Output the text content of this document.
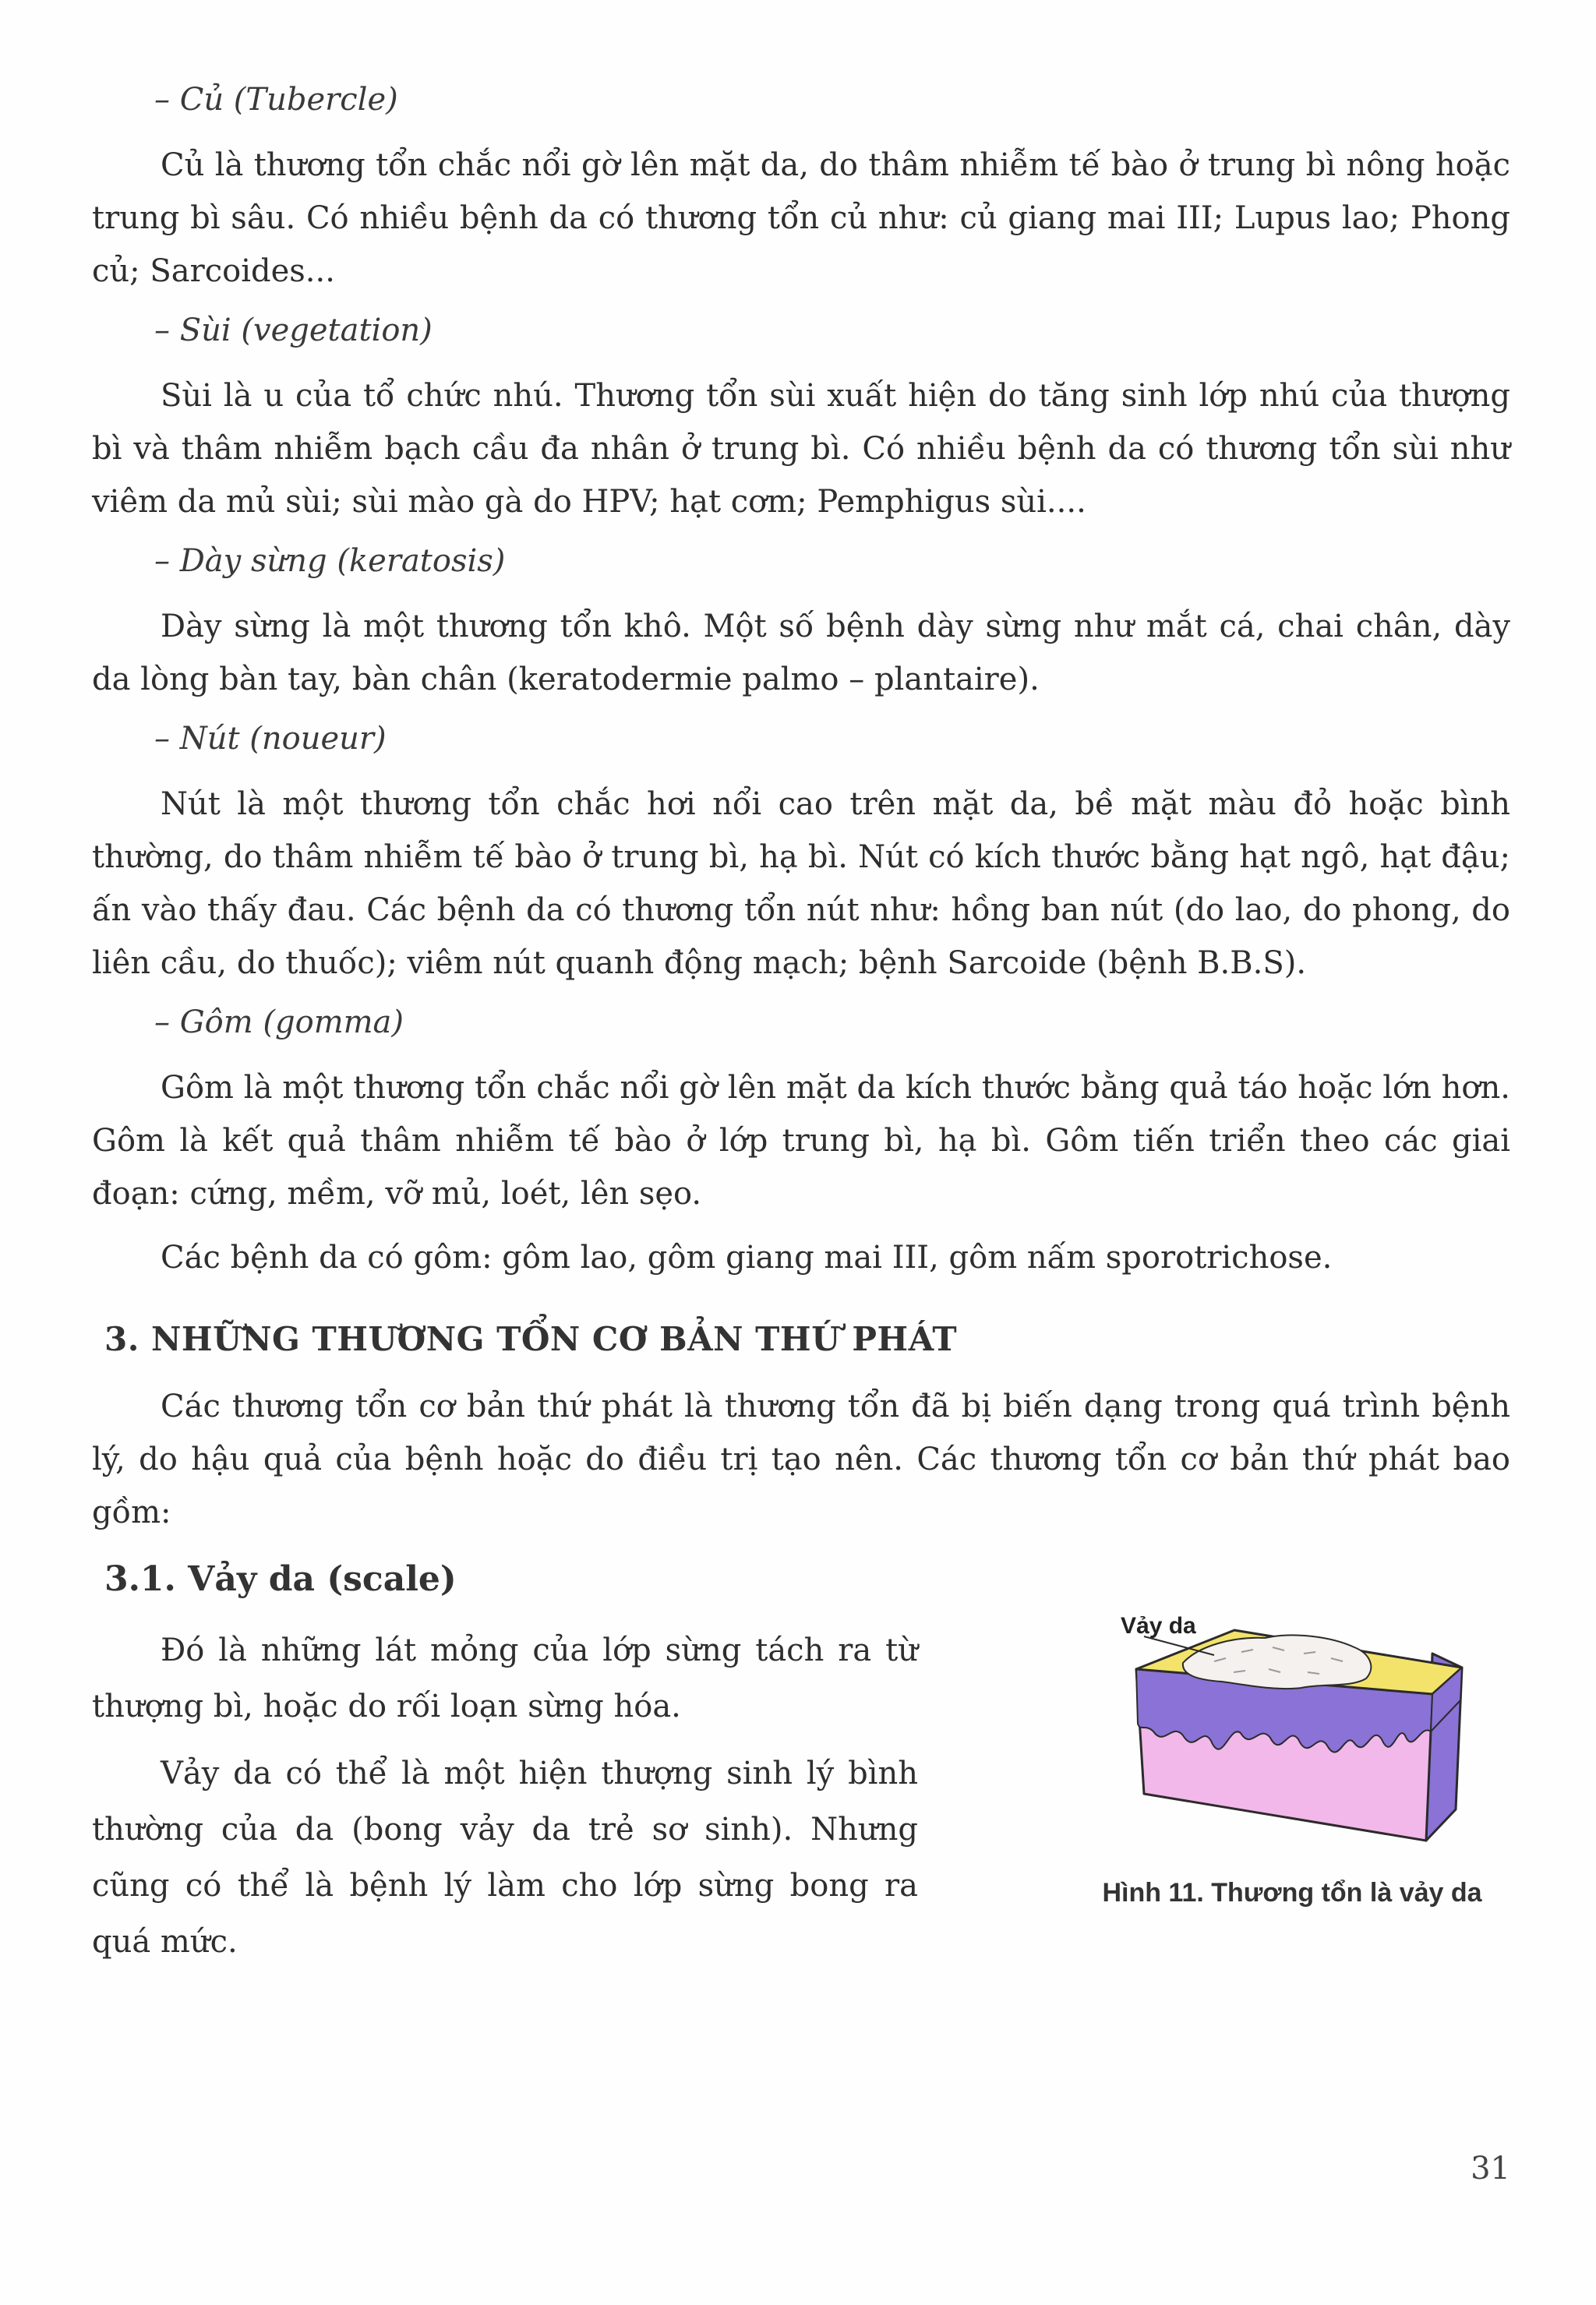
– Củ (Tubercle)

Củ là thương tổn chắc nổi gờ lên mặt da, do thâm nhiễm tế bào ở trung bì nông hoặc trung bì sâu. Có nhiều bệnh da có thương tổn củ như: củ giang mai III; Lupus lao; Phong củ; Sarcoides...

– Sùi (vegetation)

Sùi là u của tổ chức nhú. Thương tổn sùi xuất hiện do tăng sinh lớp nhú của thượng bì và thâm nhiễm bạch cầu đa nhân ở trung bì. Có nhiều bệnh da có thương tổn sùi như viêm da mủ sùi; sùi mào gà do HPV; hạt cơm; Pemphigus sùi....

– Dày sừng (keratosis)

Dày sừng là một thương tổn khô. Một số bệnh dày sừng như mắt cá, chai chân, dày da lòng bàn tay, bàn chân (keratodermie palmo – plantaire).

– Nút (noueur)

Nút là một thương tổn chắc hơi nổi cao trên mặt da, bề mặt màu đỏ hoặc bình thường, do thâm nhiễm tế bào ở trung bì, hạ bì. Nút có kích thước bằng hạt ngô, hạt đậu; ấn vào thấy đau. Các bệnh da có thương tổn nút như: hồng ban nút (do lao, do phong, do liên cầu, do thuốc); viêm nút quanh động mạch; bệnh Sarcoide (bệnh B.B.S).

– Gôm (gomma)

Gôm là một thương tổn chắc nổi gờ lên mặt da kích thước bằng quả táo hoặc lớn hơn. Gôm là kết quả thâm nhiễm tế bào ở lớp trung bì, hạ bì. Gôm tiến triển theo các giai đoạn: cứng, mềm, vỡ mủ, loét, lên sẹo.

Các bệnh da có gôm: gôm lao, gôm giang mai III, gôm nấm sporotrichose.

3. NHỮNG THƯƠNG TỔN CƠ BẢN THỨ PHÁT

Các thương tổn cơ bản thứ phát là thương tổn đã bị biến dạng trong quá trình bệnh lý, do hậu quả của bệnh hoặc do điều trị tạo nên. Các thương tổn cơ bản thứ phát bao gồm:

3.1. Vảy da (scale)

Đó là những lát mỏng của lớp sừng tách ra từ thượng bì, hoặc do rối loạn sừng hóa.

Vảy da có thể là một hiện thượng sinh lý bình thường của da (bong vảy da trẻ sơ sinh). Nhưng cũng có thể là bệnh lý làm cho lớp sừng bong ra quá mức.

Vảy da
Hình 11. Thương tổn là vảy da
31
